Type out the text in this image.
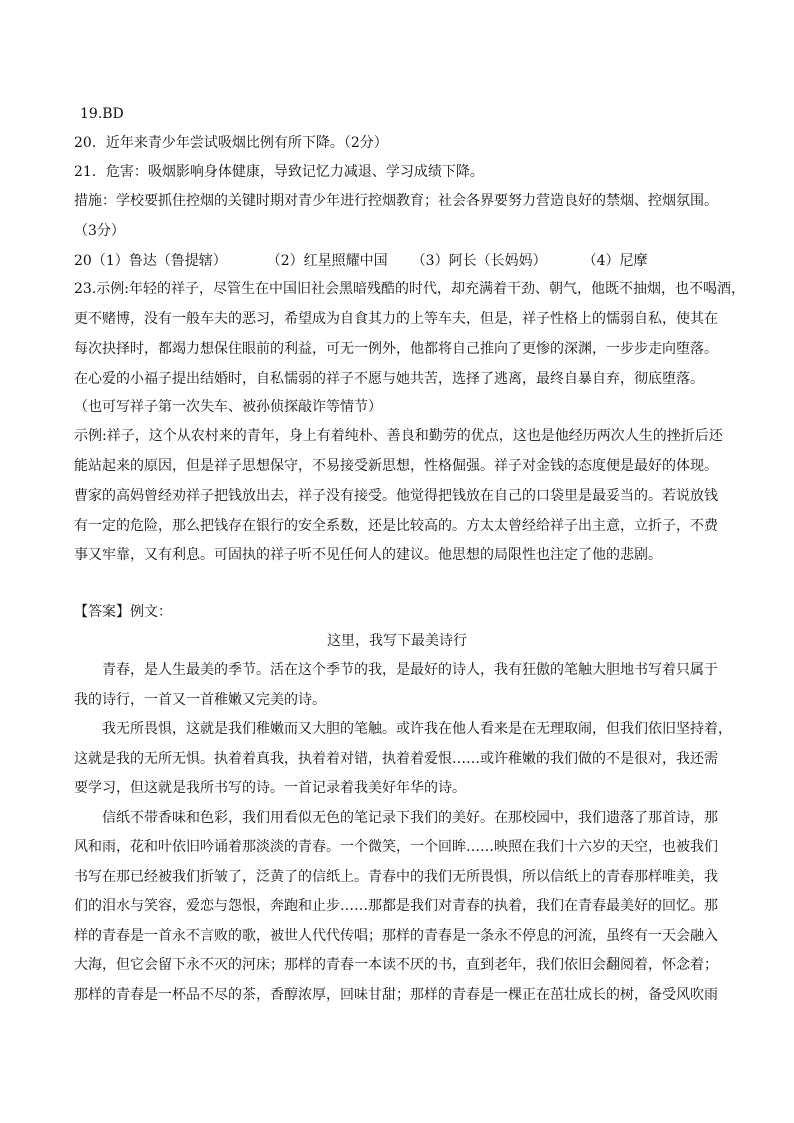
19.BD
20．近年来青少年尝试吸烟比例有所下降。（2分）
21．危害：吸烟影响身体健康，导致记忆力减退、学习成绩下降。
措施：学校要抓住控烟的关键时期对青少年进行控烟教育；社会各界要努力营造良好的禁烟、控烟氛围。
（3分）
20（1）鲁达（鲁提辖）	（2）红星照耀中国 （3）阿长（长妈妈）	（4）尼摩
23.示例:年轻的祥子，尽管生在中国旧社会黑暗残酷的时代，却充满着干劲、朝气，他既不抽烟，也不喝酒，
更不赌博，没有一般车夫的恶习，希望成为自食其力的上等车夫，但是，祥子性格上的懦弱自私，使其在
每次抉择时，都竭力想保住眼前的利益，可无一例外，他都将自己推向了更惨的深渊，一步步走向堕落。
在心爱的小福子提出结婚时，自私懦弱的祥子不愿与她共苦，选择了逃离，最终自暴自弃，彻底堕落。
（也可写祥子第一次失车、被孙侦探敲诈等情节）
示例:祥子，这个从农村来的青年，身上有着纯朴、善良和勤劳的优点，这也是他经历两次人生的挫折后还
能站起来的原因，但是祥子思想保守，不易接受新思想，性格倔强。祥子对金钱的态度便是最好的体现。
曹家的高妈曾经劝祥子把钱放出去，祥子没有接受。他觉得把钱放在自己的口袋里是最妥当的。若说放钱
有一定的危险，那么把钱存在银行的安全系数，还是比较高的。方太太曾经给祥子出主意，立折子，不费
事又牢靠，又有利息。可固执的祥子听不见任何人的建议。他思想的局限性也注定了他的悲剧。
【答案】例文：
这里，我写下最美诗行
青春，是人生最美的季节。活在这个季节的我，是最好的诗人，我有狂傲的笔触大胆地书写着只属于
我的诗行，一首又一首稚嫩又完美的诗。
我无所畏惧，这就是我们稚嫩而又大胆的笔触。或许我在他人看来是在无理取闹，但我们依旧坚持着，
这就是我的无所无惧。执着着真我，执着着对错，执着着爱恨……或许稚嫩的我们做的不是很对，我还需
要学习，但这就是我所书写的诗。一首记录着我美好年华的诗。
信纸不带香味和色彩，我们用看似无色的笔记录下我们的美好。在那校园中，我们遗落了那首诗，那
风和雨，花和叶依旧吟诵着那淡淡的青春。一个微笑，一个回眸……映照在我们十六岁的天空，也被我们
书写在那已经被我们折皱了，泛黄了的信纸上。青春中的我们无所畏惧，所以信纸上的青春那样唯美，我
们的泪水与笑容，爱恋与怨恨，奔跑和止步……那都是我们对青春的执着，我们在青春最美好的回忆。那
样的青春是一首永不言败的歌，被世人代代传唱；那样的青春是一条永不停息的河流，虽终有一天会融入
大海，但它会留下永不灭的河床；那样的青春一本读不厌的书，直到老年，我们依旧会翻阅着，怀念着；
那样的青春是一杯品不尽的茶，香醇浓厚，回味甘甜；那样的青春是一棵正在茁壮成长的树，备受风吹雨
